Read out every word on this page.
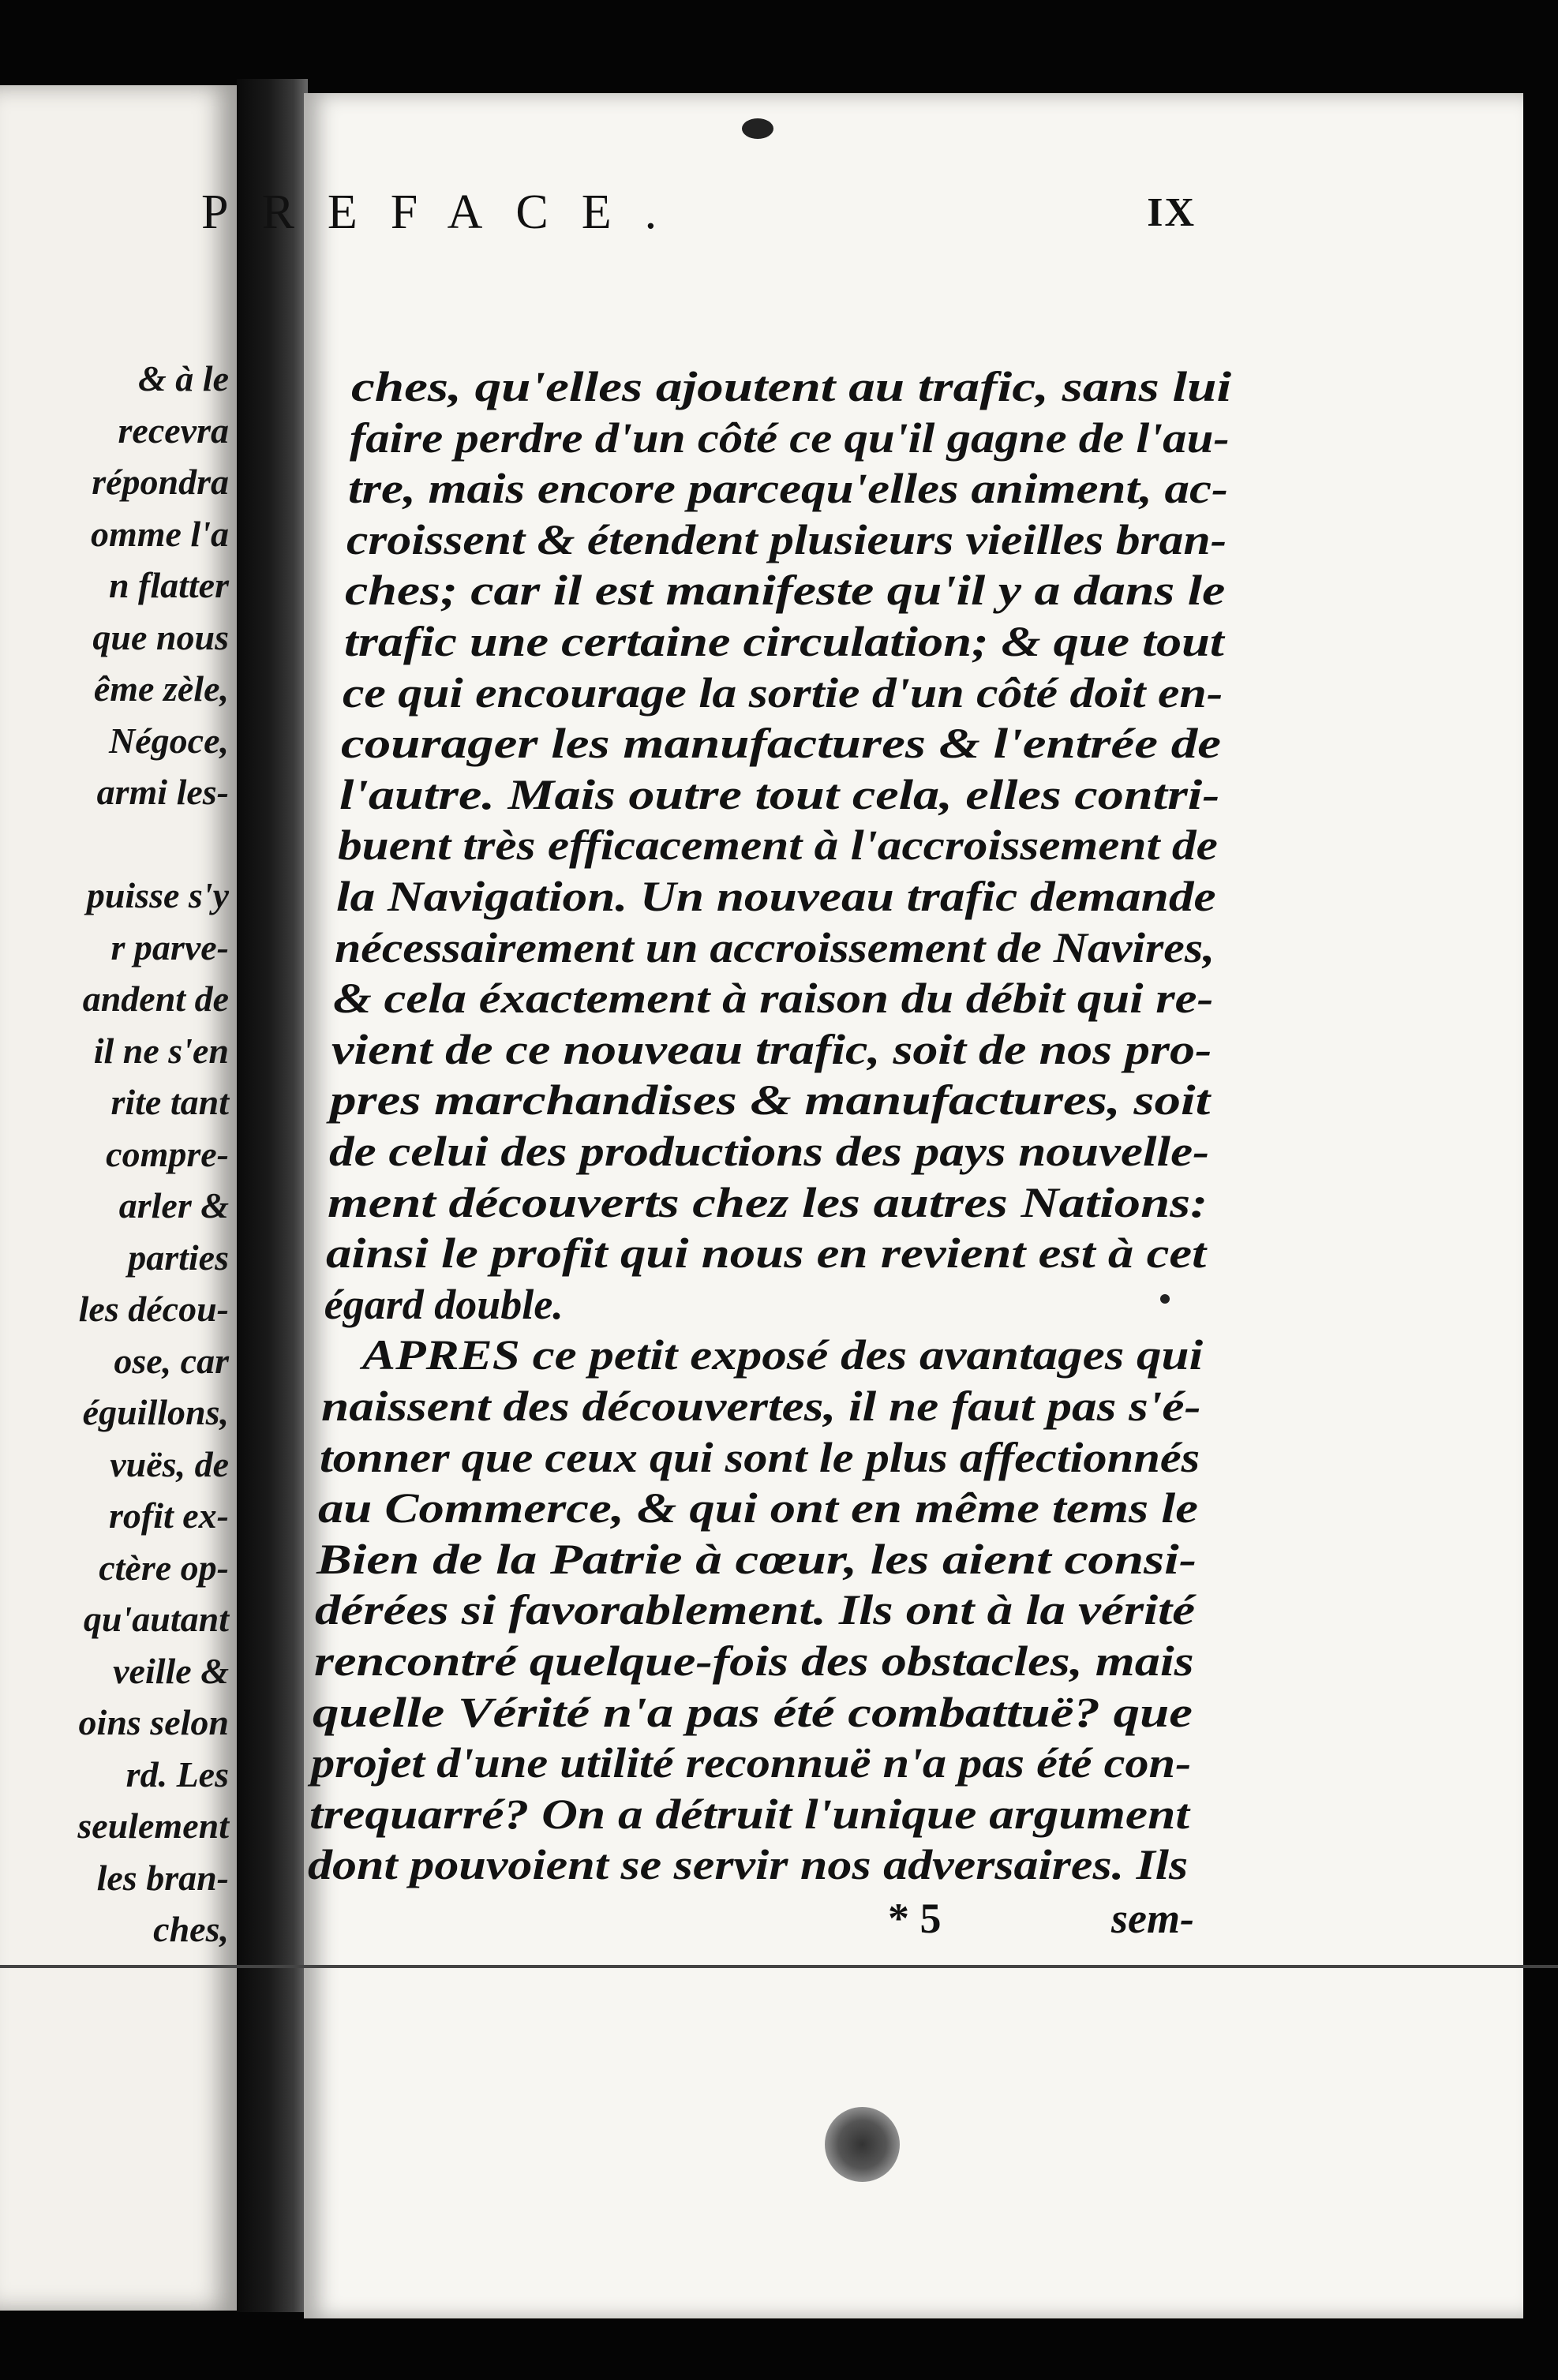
& à le
recevra
répondra
omme l'a
n flatter
que nous
ême zèle,
Négoce,
armi les-
puisse s'y
r parve-
andent de
il ne s'en
rite tant
compre-
arler &
parties
les décou-
ose, car
éguillons,
vuës, de
rofit ex-
ctère op-
qu'autant
veille &
oins selon
rd. Les
seulement
les bran-
ches,
PREFACE.	IX
ches, qu'elles ajoutent au trafic, sans lui
faire perdre d'un côté ce qu'il gagne de l'au-
tre, mais encore parcequ'elles animent, ac-
croissent & étendent plusieurs vieilles bran-
ches; car il est manifeste qu'il y a dans le
trafic une certaine circulation; & que tout
ce qui encourage la sortie d'un côté doit en-
courager les manufactures & l'entrée de
l'autre. Mais outre tout cela, elles contri-
buent très efficacement à l'accroissement de
la Navigation. Un nouveau trafic demande
nécessairement un accroissement de Navires,
& cela éxactement à raison du débit qui re-
vient de ce nouveau trafic, soit de nos pro-
pres marchandises & manufactures, soit
de celui des productions des pays nouvelle-
ment découverts chez les autres Nations:
ainsi le profit qui nous en revient est à cet
égard double.
APRES ce petit exposé des avantages qui
naissent des découvertes, il ne faut pas s'é-
tonner que ceux qui sont le plus affectionnés
au Commerce, & qui ont en même tems le
Bien de la Patrie à cœur, les aient consi-
dérées si favorablement. Ils ont à la vérité
rencontré quelque-fois des obstacles, mais
quelle Vérité n'a pas été combattuë? que
projet d'une utilité reconnuë n'a pas été con-
trequarré? On a détruit l'unique argument
dont pouvoient se servir nos adversaires. Ils
* 5	sem-
